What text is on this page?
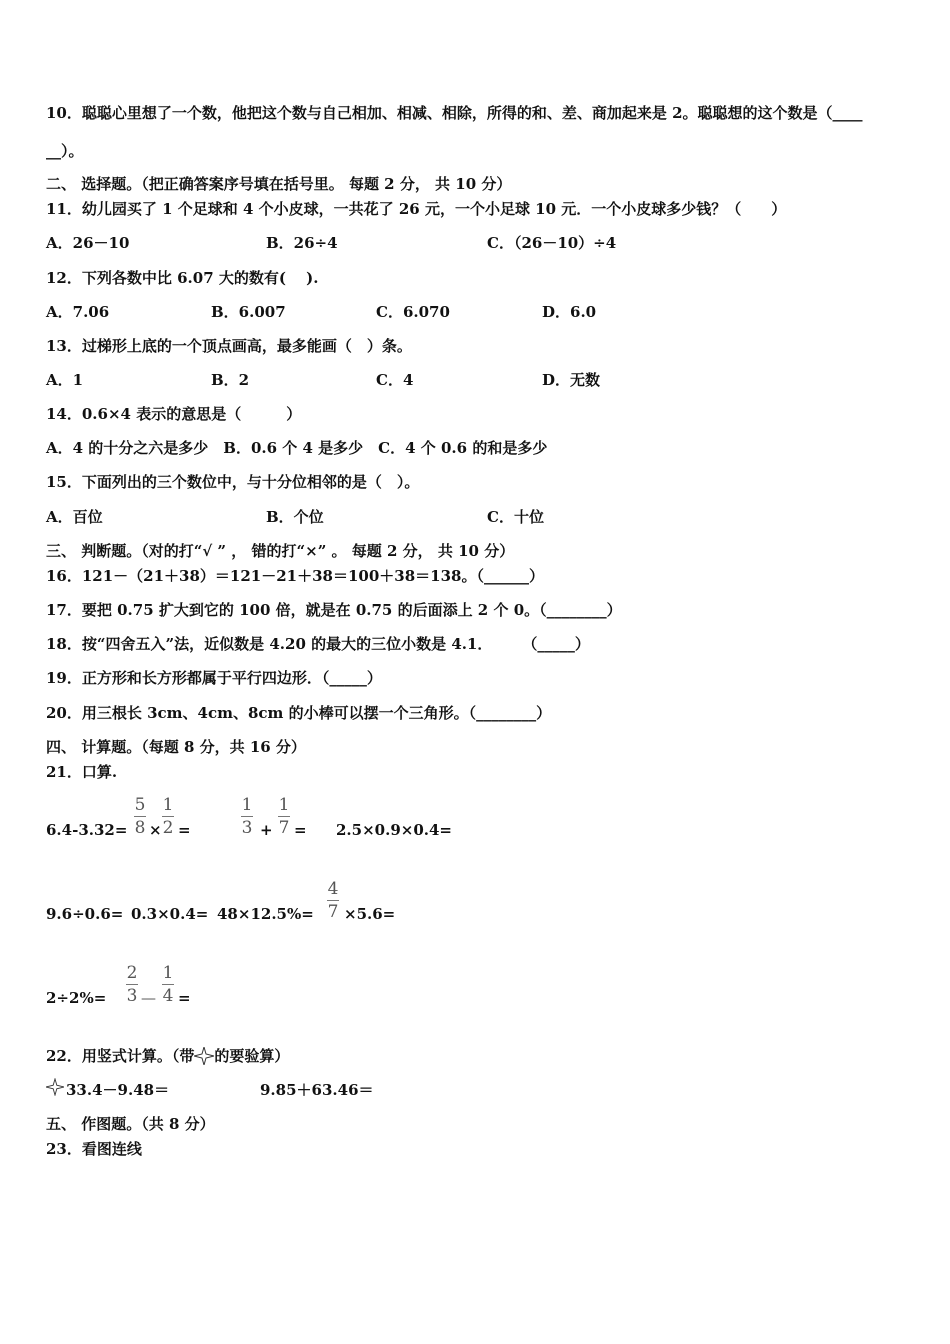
10．聪聪心里想了一个数，他把这个数与自己相加、相减、相除，所得的和、差、商加起来是 2。聪聪想的这个数是（____
__）。
二、 选择题。（把正确答案序号填在括号里。 每题 2 分， 共 10 分）
11．幼儿园买了 1 个足球和 4 个小皮球，一共花了 26 元，一个小足球 10 元．一个小皮球多少钱？（　　）
A．26－10	B．26÷4	C．（26－10）÷4
12．下列各数中比 6.07 大的数有(　 ).
A．7.06	B．6.007	C．6.070	D．6.0
13．过梯形上底的一个顶点画高，最多能画（　）条。
A．1	B．2	C．4	D．无数
14．0.6×4 表示的意思是（　　　）
A．4 的十分之六是多少　B．0.6 个 4 是多少　C．4 个 0.6 的和是多少
15．下面列出的三个数位中，与十分位相邻的是（　）。
A．百位	B．个位	C．十位
三、 判断题。（对的打“√ ” ， 错的打“×” 。 每题 2 分， 共 10 分）
16．121－（21＋38）＝121－21＋38＝100＋38＝138。（______）
17．要把 0.75 扩大到它的 100 倍，就是在 0.75 的后面添上 2 个 0。（________）
18．按“四舍五入”法，近似数是 4.20 的最大的三位小数是 4.1．　　　（_____）
19．正方形和长方形都属于平行四边形．（_____）
20．用三根长 3cm、4cm、8cm 的小棒可以摆一个三角形。（________）
四、 计算题。（每题 8 分，共 16 分）
21．口算.
6.4-3.32=
5
8 ×
1
2 =
1
3 +
1
7 = 2.5×0.9×0.4=
9.6÷0.6= 0.3×0.4= 48×12.5%=
4
7 ×5.6=
2÷2%=
2
3 —
1
4 =
22．用竖式计算。（带 的要验算）
33.4－9.48＝	9.85＋63.46＝
五、 作图题。（共 8 分）
23．看图连线
